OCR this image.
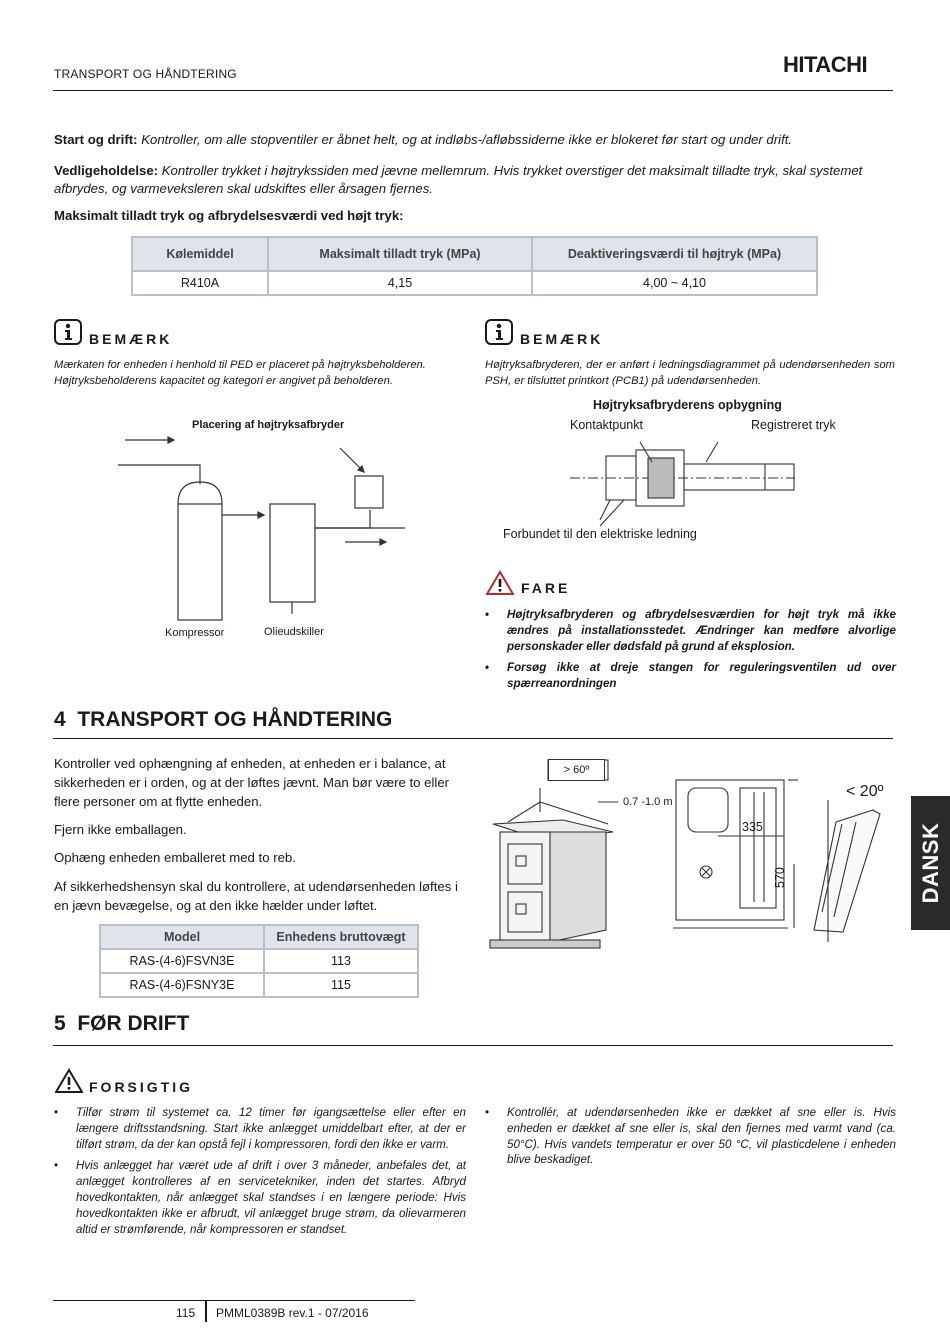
TRANSPORT OG HÅNDTERING	HITACHI
Start og drift: Kontroller, om alle stopventiler er åbnet helt, og at indløbs-/afløbssiderne ikke er blokeret før start og under drift.
Vedligeholdelse: Kontroller trykket i højtrykssiden med jævne mellemrum. Hvis trykket overstiger det maksimalt tilladte tryk, skal systemet afbrydes, og varmeveksleren skal udskiftes eller årsagen fjernes.
Maksimalt tilladt tryk og afbrydelsesværdi ved højt tryk:
Kølemiddel	Maksimalt tilladt tryk (MPa)	Deaktiveringsværdi til højtryk (MPa)
R410A	4,15	4,00 ~ 4,10
BEMÆRK
Mærkaten for enheden i henhold til PED er placeret på højtryksbeholderen. Højtryksbeholderens kapacitet og kategori er angivet på beholderen.
Placering af højtryksafbryder
Kompressor	Olieudskiller
BEMÆRK
Højtryksafbryderen, der er anført i ledningsdiagrammet på udendørsenheden som PSH, er tilsluttet printkort (PCB1) på udendørsenheden.
Højtryksafbryderens opbygning
Kontaktpunkt	Registreret tryk
Forbundet til den elektriske ledning
FARE
• Højtryksafbryderen og afbrydelsesværdien for højt tryk må ikke ændres på installationsstedet. Ændringer kan medføre alvorlige personskader eller dødsfald på grund af eksplosion.
• Forsøg ikke at dreje stangen for reguleringsventilen ud over spærreanordningen
4 TRANSPORT OG HÅNDTERING
Kontroller ved ophængning af enheden, at enheden er i balance, at sikkerheden er i orden, og at der løftes jævnt. Man bør være to eller flere personer om at flytte enheden.
Fjern ikke emballagen.
Ophæng enheden emballeret med to reb.
Af sikkerhedshensyn skal du kontrollere, at udendørsenheden løftes i en jævn bevægelse, og at den ikke hælder under løftet.
Model	Enhedens bruttovægt
RAS-(4-6)FSVN3E	113
RAS-(4-6)FSNY3E	115
> 60º
0.7 -1.0 m
335
570
< 20º
DANSK
5 FØR DRIFT
FORSIGTIG
• Tilfør strøm til systemet ca. 12 timer før igangsættelse eller efter en længere driftsstandsning. Start ikke anlægget umiddelbart efter, at der er tilført strøm, da der kan opstå fejl i kompressoren, fordi den ikke er varm.
• Hvis anlægget har været ude af drift i over 3 måneder, anbefales det, at anlægget kontrolleres af en servicetekniker, inden det startes. Afbryd hovedkontakten, når anlægget skal standses i en længere periode: Hvis hovedkontakten ikke er afbrudt, vil anlægget bruge strøm, da olievarmeren altid er strømførende, når kompressoren er standset.
• Kontrollér, at udendørsenheden ikke er dækket af sne eller is. Hvis enheden er dækket af sne eller is, skal den fjernes med varmt vand (ca. 50°C). Hvis vandets temperatur er over 50 °C, vil plasticdelene i enheden blive beskadiget.
115 PMML0389B rev.1 - 07/2016
